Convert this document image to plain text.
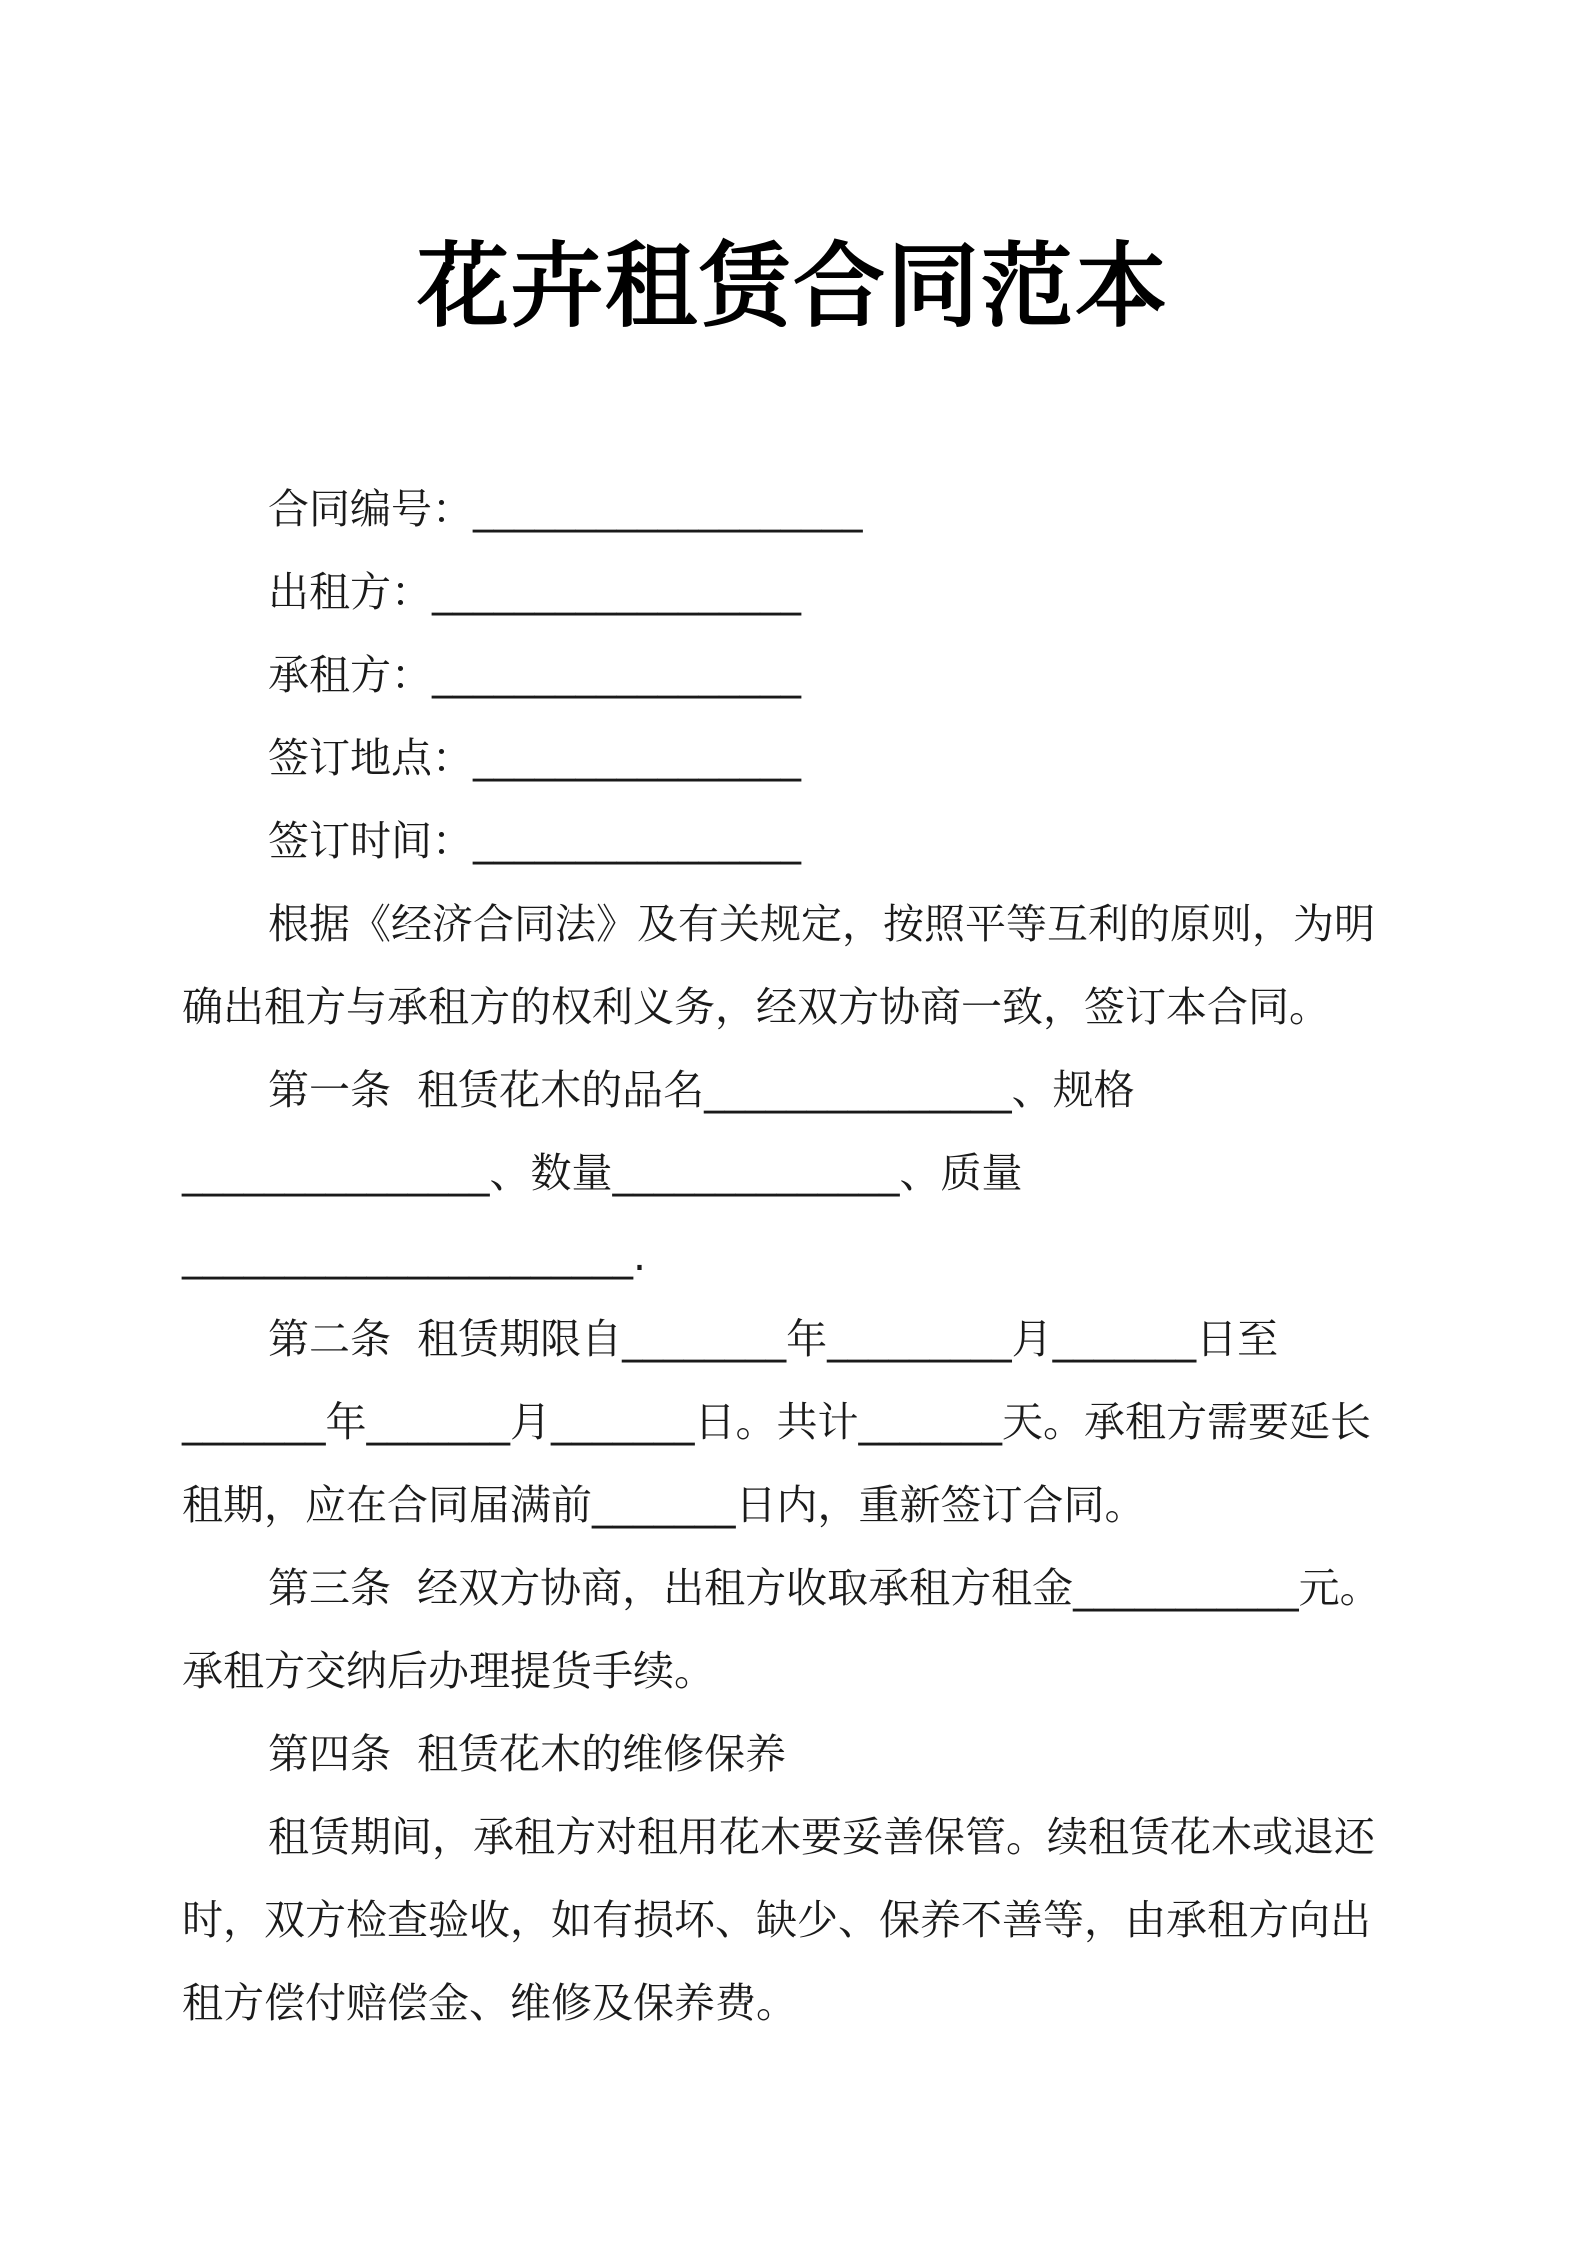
花卉租赁合同范本
合同编号：___________________
出租方：__________________
承租方：__________________
签订地点：________________
签订时间：________________
根据《经济合同法》及有关规定，按照平等互利的原则，为明
确出租方与承租方的权利义务，经双方协商一致，签订本合同。
第一条  租赁花木的品名_______________、规格
_______________、数量______________、质量
______________________.
第二条  租赁期限自________年_________月_______日至
_______年_______月_______日。共计_______天。承租方需要延长
租期，应在合同届满前_______日内，重新签订合同。
第三条  经双方协商，出租方收取承租方租金___________元。
承租方交纳后办理提货手续。
第四条  租赁花木的维修保养
租赁期间，承租方对租用花木要妥善保管。续租赁花木或退还
时，双方检查验收，如有损坏、缺少、保养不善等，由承租方向出
租方偿付赔偿金、维修及保养费。
